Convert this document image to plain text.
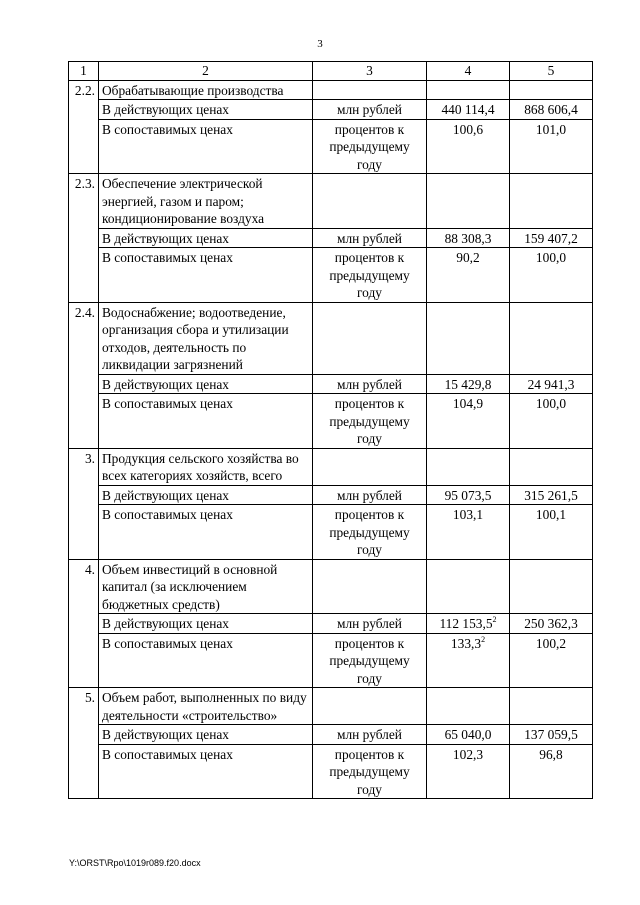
3
1	2	3	4	5
2.2.	Обрабатывающие производства			
	В действующих ценах	млн рублей	440 114,4	868 606,4
	В сопоставимых ценах	процентов к предыдущему году	100,6	101,0
2.3.	Обеспечение электрической энергией, газом и паром; кондиционирование воздуха			
	В действующих ценах	млн рублей	88 308,3	159 407,2
	В сопоставимых ценах	процентов к предыдущему году	90,2	100,0
2.4.	Водоснабжение; водоотведение, организация сбора и утилизации отходов, деятельность по ликвидации загрязнений			
	В действующих ценах	млн рублей	15 429,8	24 941,3
	В сопоставимых ценах	процентов к предыдущему году	104,9	100,0
3.	Продукция сельского хозяйства во всех категориях хозяйств, всего			
	В действующих ценах	млн рублей	95 073,5	315 261,5
	В сопоставимых ценах	процентов к предыдущему году	103,1	100,1
4.	Объем инвестиций в основной капитал (за исключением бюджетных средств)			
	В действующих ценах	млн рублей	112 153,5$^2$	250 362,3
	В сопоставимых ценах	процентов к предыдущему году	133,3$^2$	100,2
5.	Объем работ, выполненных по виду деятельности «строительство»			
	В действующих ценах	млн рублей	65 040,0	137 059,5
	В сопоставимых ценах	процентов к предыдущему году	102,3	96,8
Y:\ORST\Rpo\1019r089.f20.docx
